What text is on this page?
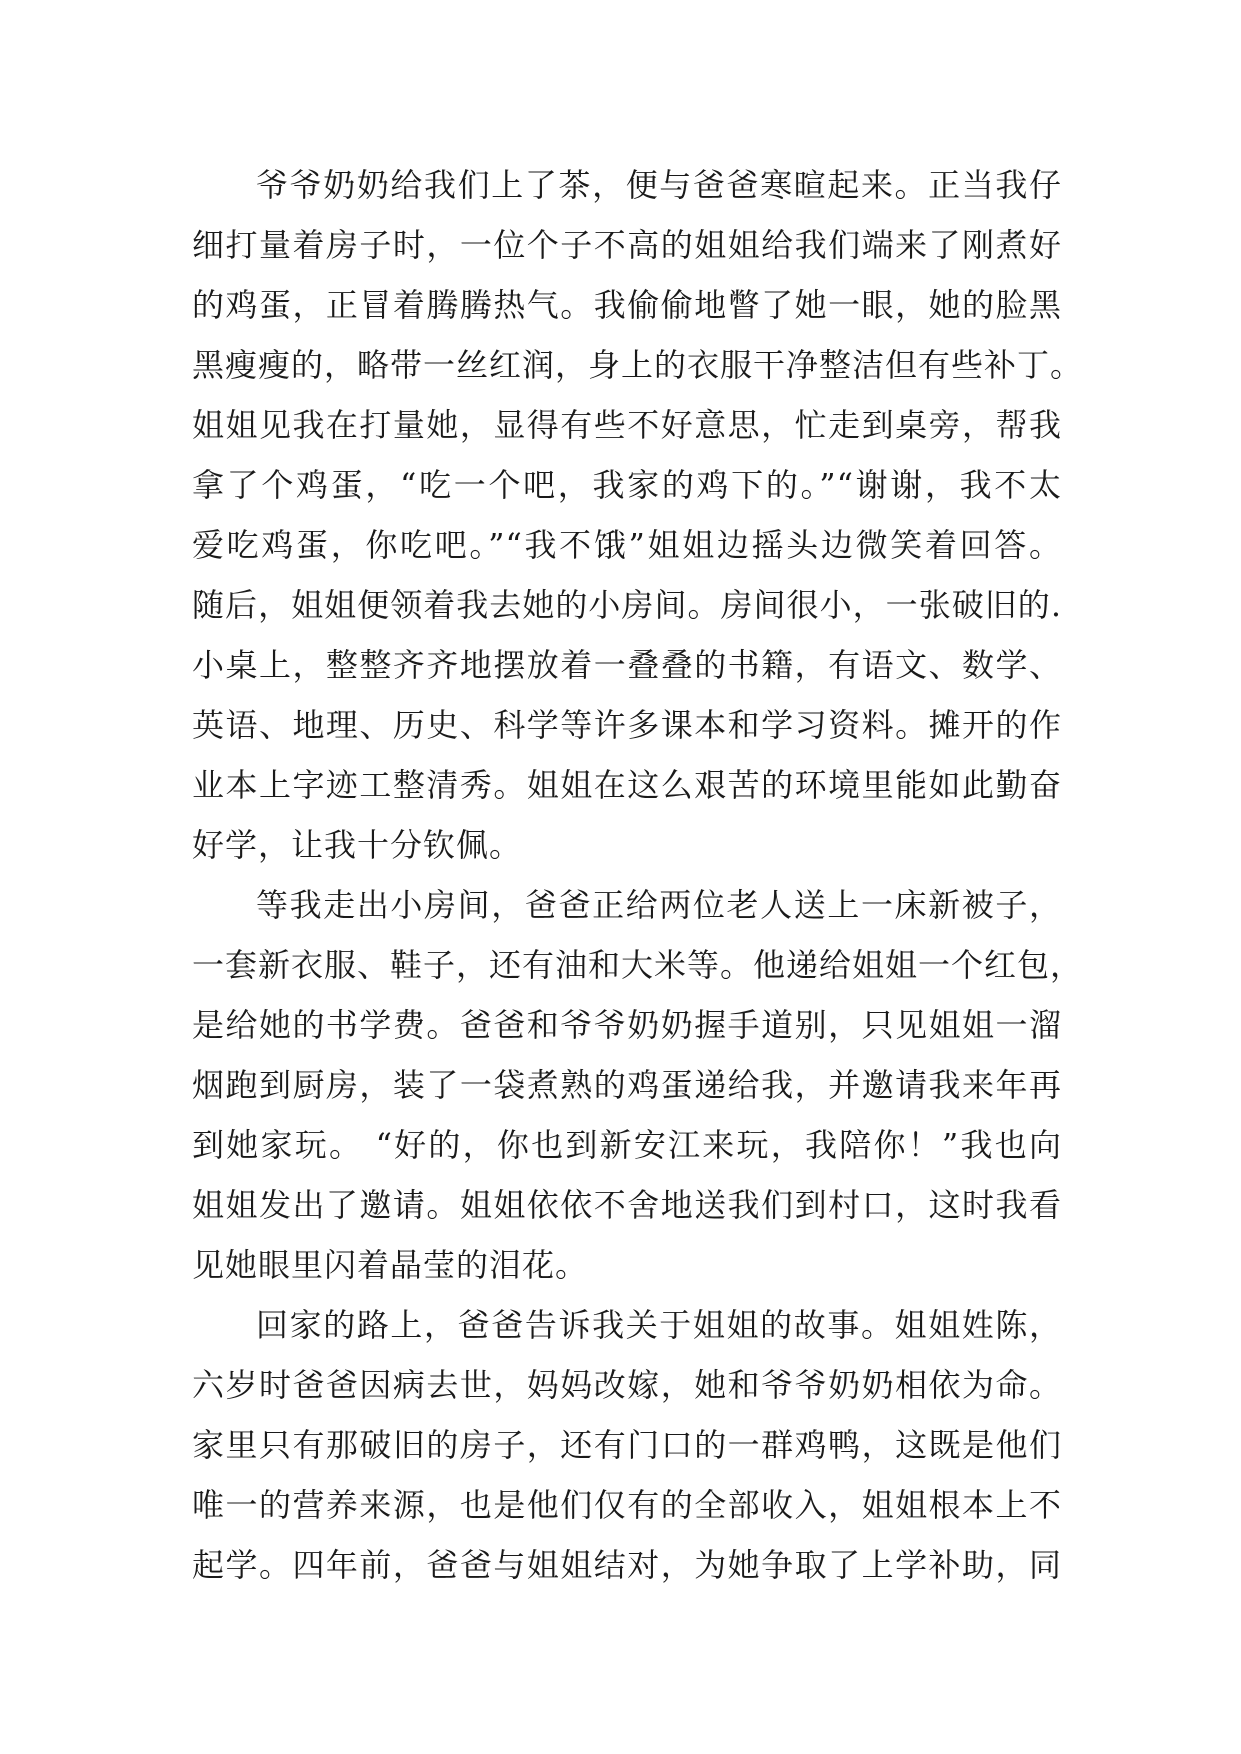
爷爷奶奶给我们上了茶，便与爸爸寒暄起来。正当我仔
细打量着房子时，一位个子不高的姐姐给我们端来了刚煮好
的鸡蛋，正冒着腾腾热气。我偷偷地瞥了她一眼，她的脸黑
黑瘦瘦的，略带一丝红润，身上的衣服干净整洁但有些补丁。
姐姐见我在打量她，显得有些不好意思，忙走到桌旁，帮我
拿了个鸡蛋，“吃一个吧，我家的鸡下的。”“谢谢，我不太
爱吃鸡蛋，你吃吧。”“我不饿”姐姐边摇头边微笑着回答。
随后，姐姐便领着我去她的小房间。房间很小，一张破旧的.
小桌上，整整齐齐地摆放着一叠叠的书籍，有语文、数学、
英语、地理、历史、科学等许多课本和学习资料。摊开的作
业本上字迹工整清秀。姐姐在这么艰苦的环境里能如此勤奋
好学，让我十分钦佩。
等我走出小房间，爸爸正给两位老人送上一床新被子，
一套新衣服、鞋子，还有油和大米等。他递给姐姐一个红包，
是给她的书学费。爸爸和爷爷奶奶握手道别，只见姐姐一溜
烟跑到厨房，装了一袋煮熟的鸡蛋递给我，并邀请我来年再
到她家玩。 “好的，你也到新安江来玩，我陪你！”我也向
姐姐发出了邀请。姐姐依依不舍地送我们到村口，这时我看
见她眼里闪着晶莹的泪花。
回家的路上，爸爸告诉我关于姐姐的故事。姐姐姓陈，
六岁时爸爸因病去世，妈妈改嫁，她和爷爷奶奶相依为命。
家里只有那破旧的房子，还有门口的一群鸡鸭，这既是他们
唯一的营养来源，也是他们仅有的全部收入，姐姐根本上不
起学。四年前，爸爸与姐姐结对，为她争取了上学补助，同
